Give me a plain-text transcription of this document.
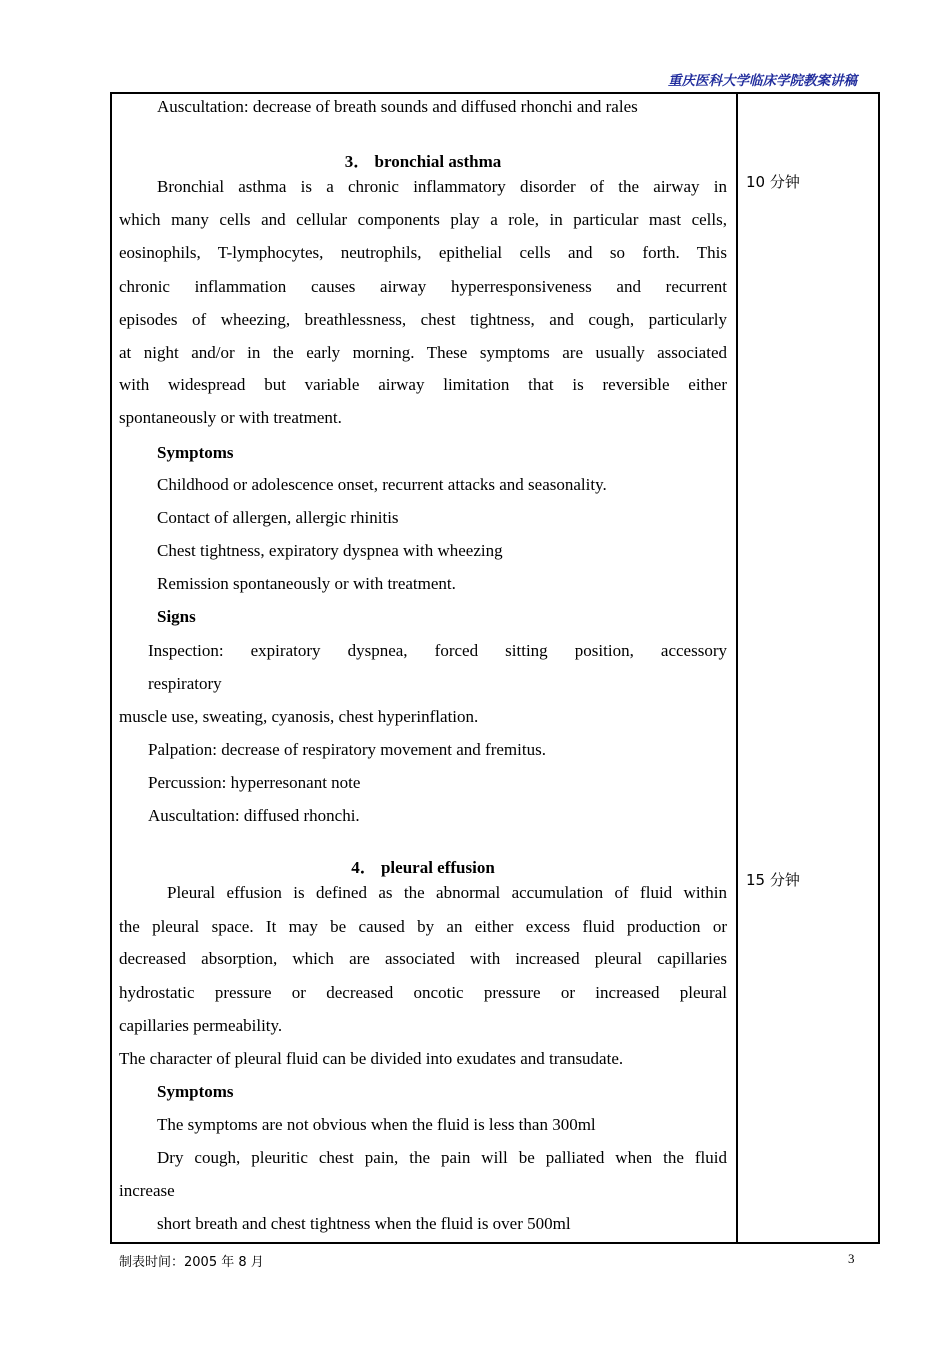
重庆医科大学临床学院教案讲稿
Auscultation: decrease of breath sounds and diffused rhonchi and rales
3． bronchial asthma
Bronchial asthma is a chronic inflammatory disorder of the airway in
which many cells and cellular components play a role, in particular mast cells,
eosinophils, T-lymphocytes, neutrophils, epithelial cells and so forth. This
chronic inflammation causes airway hyperresponsiveness and recurrent
episodes of wheezing, breathlessness, chest tightness, and cough, particularly
at night and/or in the early morning. These symptoms are usually associated
with widespread but variable airway limitation that is reversible either
spontaneously or with treatment.
Symptoms
Childhood or adolescence onset, recurrent attacks and seasonality.
Contact of allergen, allergic rhinitis
Chest tightness, expiratory dyspnea with wheezing
Remission spontaneously or with treatment.
Signs
Inspection: expiratory dyspnea, forced sitting position, accessory
respiratory
muscle use, sweating, cyanosis, chest hyperinflation.
Palpation: decrease of respiratory movement and fremitus.
Percussion: hyperresonant note
Auscultation: diffused rhonchi.
4． pleural effusion
Pleural effusion is defined as the abnormal accumulation of fluid within
the pleural space. It may be caused by an either excess fluid production or
decreased absorption, which are associated with increased pleural capillaries
hydrostatic pressure or decreased oncotic pressure or increased pleural
capillaries permeability.
The character of pleural fluid can be divided into exudates and transudate.
Symptoms
The symptoms are not obvious when the fluid is less than 300ml
Dry cough, pleuritic chest pain, the pain will be palliated when the fluid
increase
short breath and chest tightness when the fluid is over 500ml
10 分钟
15 分钟
制表时间：2005 年 8 月	3
